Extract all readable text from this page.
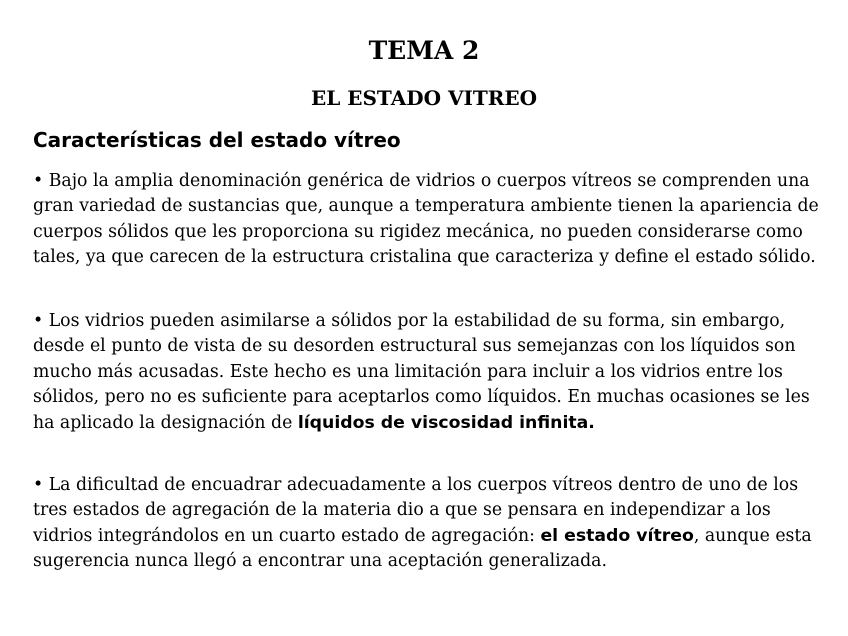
TEMA 2
EL ESTADO VITREO
Características del estado vítreo

• Bajo la amplia denominación genérica de vidrios o cuerpos vítreos se comprenden una gran variedad de sustancias que, aunque a temperatura ambiente tienen la apariencia de cuerpos sólidos que les proporciona su rigidez mecánica, no pueden considerarse como tales, ya que carecen de la estructura cristalina que caracteriza y define el estado sólido.

• Los vidrios pueden asimilarse a sólidos por la estabilidad de su forma, sin embargo, desde el punto de vista de su desorden estructural sus semejanzas con los líquidos son mucho más acusadas. Este hecho es una limitación para incluir a los vidrios entre los sólidos, pero no es suficiente para aceptarlos como líquidos. En muchas ocasiones se les ha aplicado la designación de líquidos de viscosidad infinita.

• La dificultad de encuadrar adecuadamente a los cuerpos vítreos dentro de uno de los tres estados de agregación de la materia dio a que se pensara en independizar a los vidrios integrándolos en un cuarto estado de agregación: el estado vítreo, aunque esta sugerencia nunca llegó a encontrar una aceptación generalizada.
